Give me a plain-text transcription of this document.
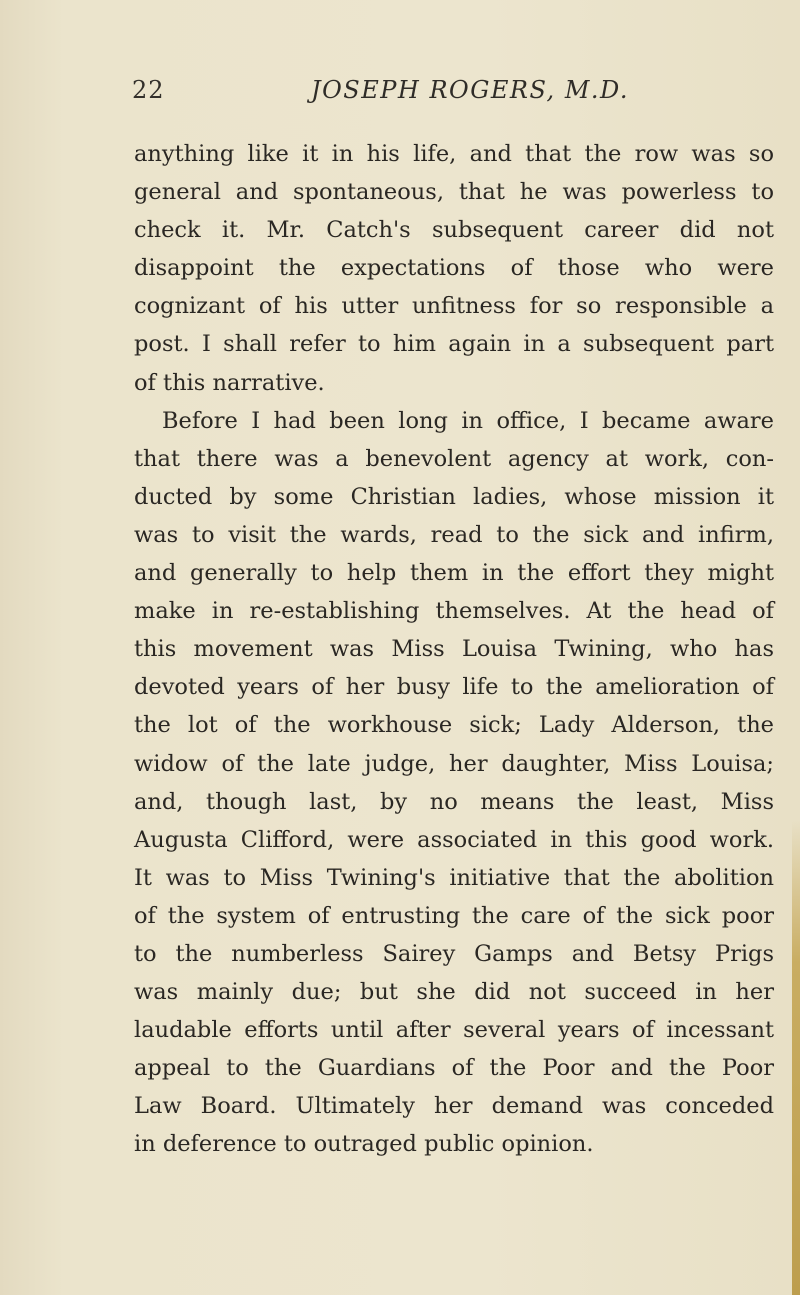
22	JOSEPH ROGERS, M.D.
anything like it in his life, and that the row was so
general and spontaneous, that he was powerless to
check it. Mr. Catch's subsequent career did not
disappoint the expectations of those who were
cognizant of his utter unfitness for so responsible a
post. I shall refer to him again in a subsequent part
of this narrative.
Before I had been long in office, I became aware
that there was a benevolent agency at work, con-
ducted by some Christian ladies, whose mission it
was to visit the wards, read to the sick and infirm,
and generally to help them in the effort they might
make in re-establishing themselves. At the head of
this movement was Miss Louisa Twining, who has
devoted years of her busy life to the amelioration of
the lot of the workhouse sick; Lady Alderson, the
widow of the late judge, her daughter, Miss Louisa;
and, though last, by no means the least, Miss
Augusta Clifford, were associated in this good work.
It was to Miss Twining's initiative that the abolition
of the system of entrusting the care of the sick poor
to the numberless Sairey Gamps and Betsy Prigs
was mainly due; but she did not succeed in her
laudable efforts until after several years of incessant
appeal to the Guardians of the Poor and the Poor
Law Board. Ultimately her demand was conceded
in deference to outraged public opinion.
